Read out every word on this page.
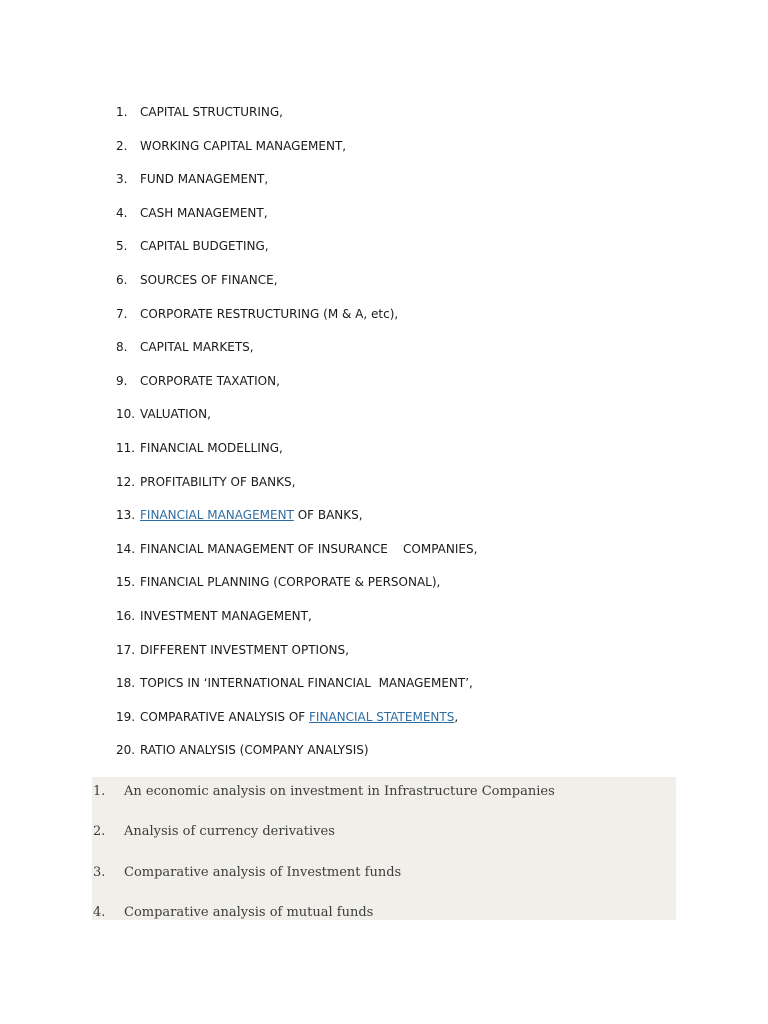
1. CAPITAL STRUCTURING,
2. WORKING CAPITAL MANAGEMENT,
3. FUND MANAGEMENT,
4. CASH MANAGEMENT,
5. CAPITAL BUDGETING,
6. SOURCES OF FINANCE,
7. CORPORATE RESTRUCTURING (M & A, etc),
8. CAPITAL MARKETS,
9. CORPORATE TAXATION,
10. VALUATION,
11. FINANCIAL MODELLING,
12. PROFITABILITY OF BANKS,
13. FINANCIAL MANAGEMENT OF BANKS,
14. FINANCIAL MANAGEMENT OF INSURANCE    COMPANIES,
15. FINANCIAL PLANNING (CORPORATE & PERSONAL),
16. INVESTMENT MANAGEMENT,
17. DIFFERENT INVESTMENT OPTIONS,
18. TOPICS IN ‘INTERNATIONAL FINANCIAL  MANAGEMENT’,
19. COMPARATIVE ANALYSIS OF FINANCIAL STATEMENTS,
20. RATIO ANALYSIS (COMPANY ANALYSIS)
1. An economic analysis on investment in Infrastructure Companies
2. Analysis of currency derivatives
3. Comparative analysis of Investment funds
4. Comparative analysis of mutual funds
